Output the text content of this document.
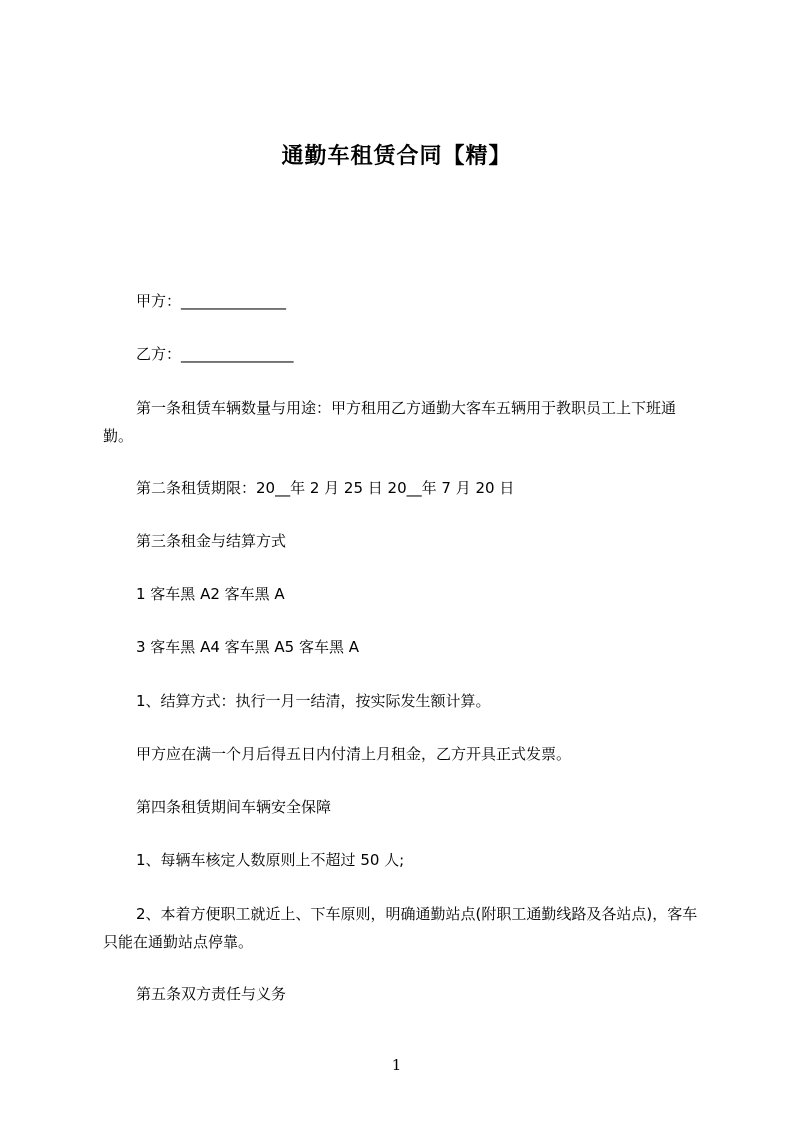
通勤车租赁合同【精】
甲方：______________
乙方：_______________
第一条租赁车辆数量与用途：甲方租用乙方通勤大客车五辆用于教职员工上下班通勤。
第二条租赁期限：20__年 2 月 25 日 20__年 7 月 20 日
第三条租金与结算方式
1 客车黑 A2 客车黑 A
3 客车黑 A4 客车黑 A5 客车黑 A
1、结算方式：执行一月一结清，按实际发生额计算。
甲方应在满一个月后得五日内付清上月租金，乙方开具正式发票。
第四条租赁期间车辆安全保障
1、每辆车核定人数原则上不超过 50 人;
2、本着方便职工就近上、下车原则，明确通勤站点(附职工通勤线路及各站点)，客车只能在通勤站点停靠。
第五条双方责任与义务
1
